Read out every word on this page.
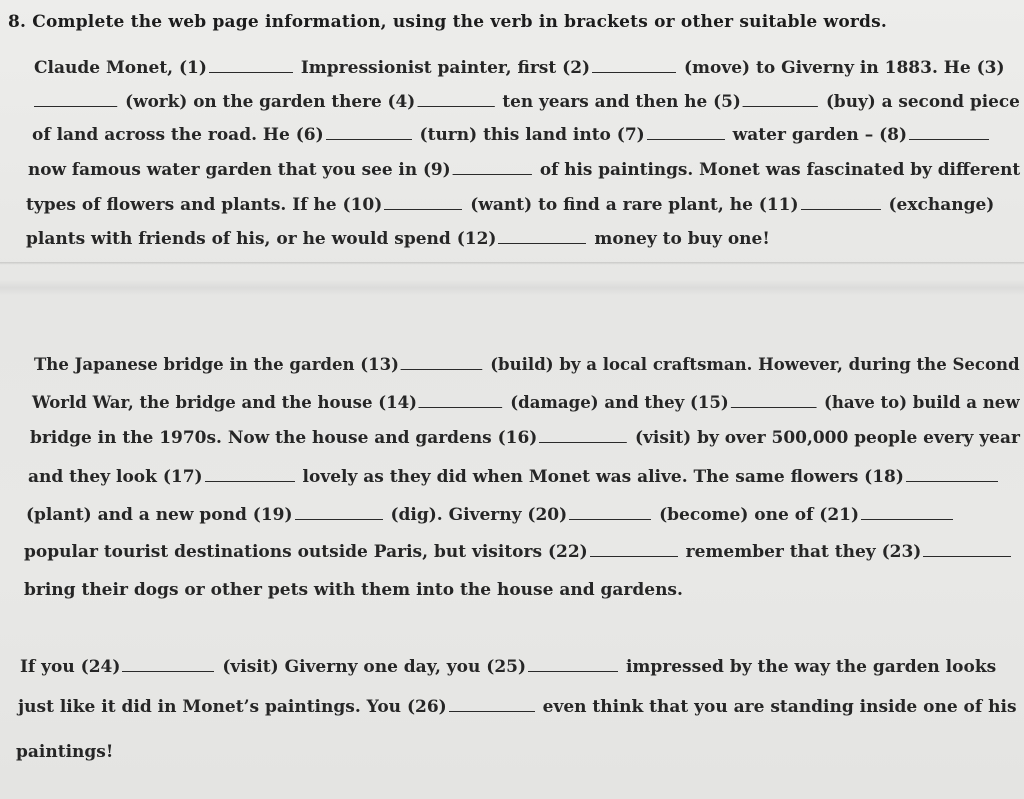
8. Complete the web page information, using the verb in brackets or other suitable words.
Claude Monet, (1)	Impressionist painter, first (2)	(move) to Giverny in 1883. He (3)
(work) on the garden there (4)	ten years and then he (5)	(buy) a second piece
of land across the road. He (6)	(turn) this land into (7)	water garden – (8)
now famous water garden that you see in (9)	of his paintings. Monet was fascinated by different
types of flowers and plants. If he (10)	(want) to find a rare plant, he (11)	(exchange)
plants with friends of his, or he would spend (12)	money to buy one!
The Japanese bridge in the garden (13)	(build) by a local craftsman. However, during the Second
World War, the bridge and the house (14)	(damage) and they (15)	(have to) build a new
bridge in the 1970s. Now the house and gardens (16)	(visit) by over 500,000 people every year
and they look (17)	lovely as they did when Monet was alive. The same flowers (18)
(plant) and a new pond (19)	(dig). Giverny (20)	(become) one of (21)
popular tourist destinations outside Paris, but visitors (22)	remember that they (23)
bring their dogs or other pets with them into the house and gardens.
If you (24)	(visit) Giverny one day, you (25)	impressed by the way the garden looks
just like it did in Monet’s paintings. You (26)	even think that you are standing inside one of his
paintings!
